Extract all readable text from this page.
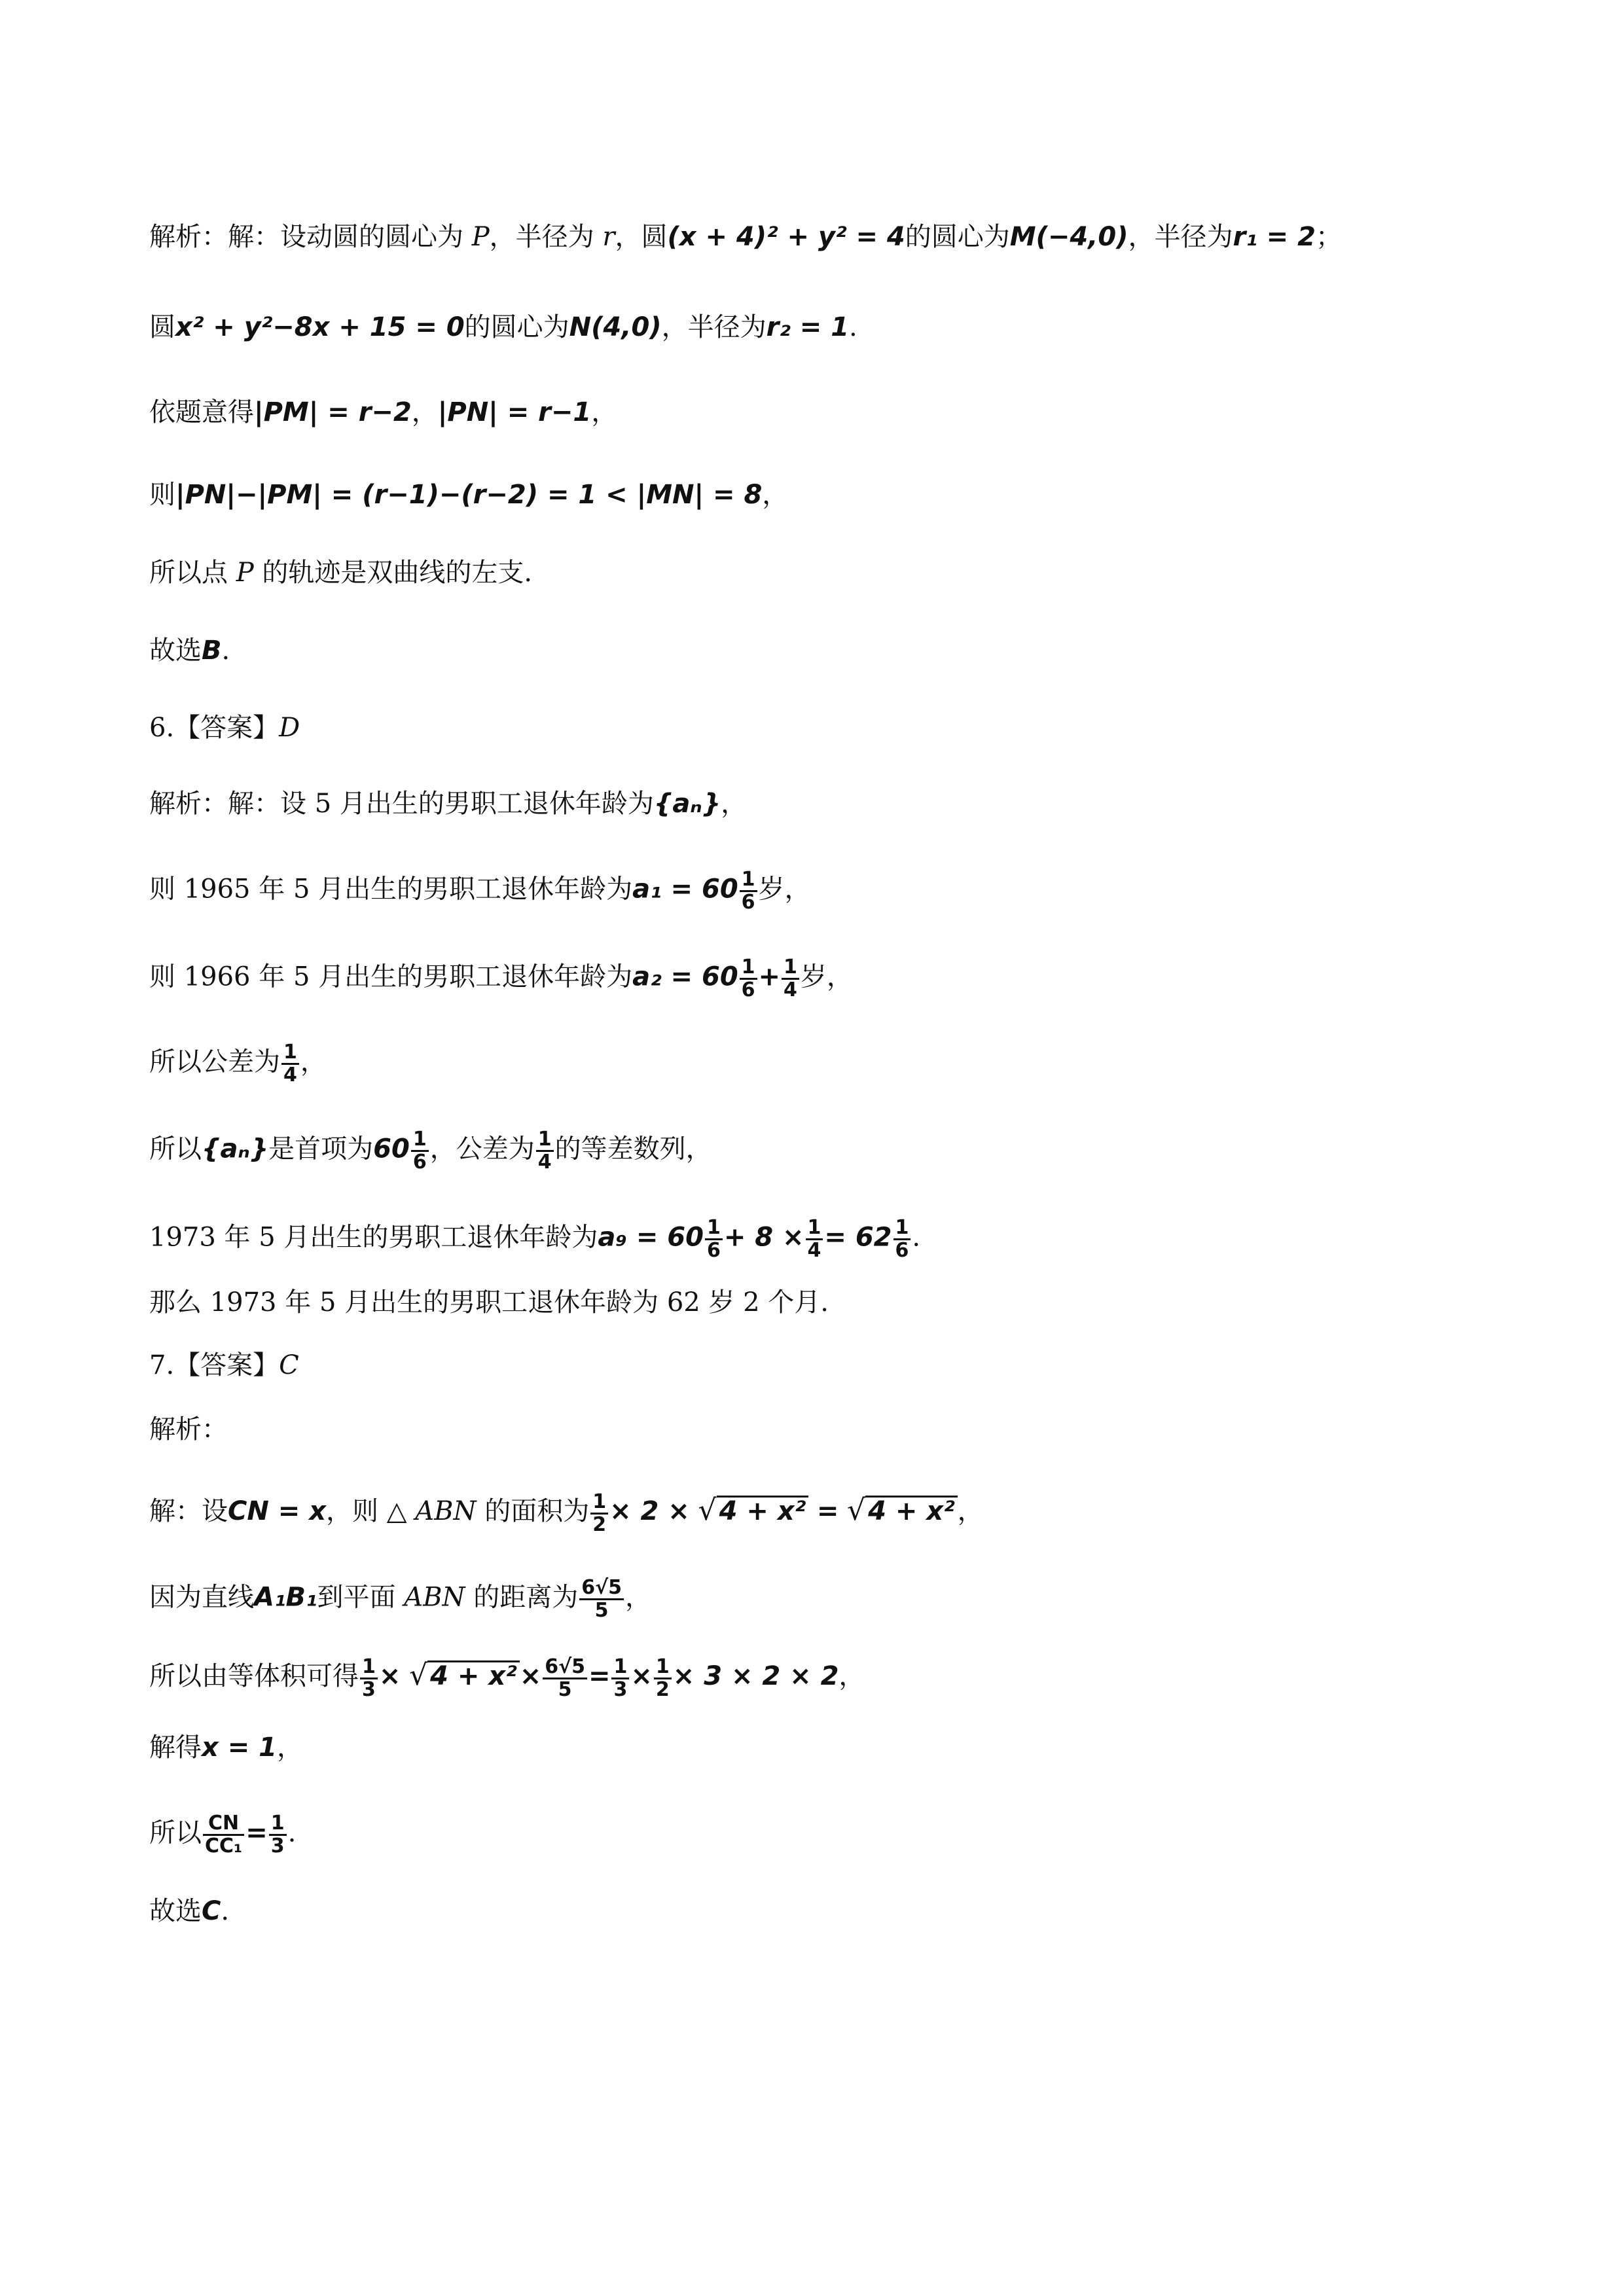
解析：解：设动圆的圆心为 P，半径为 r，圆(x + 4)² + y² = 4的圆心为M(−4,0)，半径为r₁ = 2；
圆x² + y²−8x + 15 = 0的圆心为N(4,0)，半径为r₂ = 1.
依题意得|PM| = r−2，|PN| = r−1，
则|PN|−|PM| = (r−1)−(r−2) = 1 < |MN| = 8，
所以点 P 的轨迹是双曲线的左支.
故选B.
6.【答案】D
解析：解：设 5 月出生的男职工退休年龄为{aₙ}，
则 1965 年 5 月出生的男职工退休年龄为$a_1 = 60 \frac{1}{6}$ 岁，
则 1966 年 5 月出生的男职工退休年龄为$a_2 = 60 \frac{1}{6} + \frac{1}{4}$ 岁，
所以公差为 $\frac{1}{4}$ ，
所以{aₙ}是首项为$60 \frac{1}{6}$ ，公差为 $\frac{1}{4}$ 的等差数列，
1973 年 5 月出生的男职工退休年龄为$a_9 = 60 \frac{1}{6} + 8 \times \frac{1}{4} = 62 \frac{1}{6}$ .
那么 1973 年 5 月出生的男职工退休年龄为 62 岁 2 个月.
7.【答案】C
解析：
解：设CN = x，则 △ ABN 的面积为 $\frac{1}{2} \times 2$ × √ 4 + x² = √ 4 + x² ，
因为直线A₁B₁到平面 ABN 的距离为 $\frac{6√5}{5}$ ，
所以由等体积可得 $\frac{1}{3}$ × √ $4 + x^2 \times \frac{6√5}{5} = \frac{1}{3} \times \frac{1}{2} \times 3 \times 2 \times 2$，
解得x = 1，
所以 $\frac{CN}{\text{CC₁}} = \frac{1}{3}$ .
故选C.
